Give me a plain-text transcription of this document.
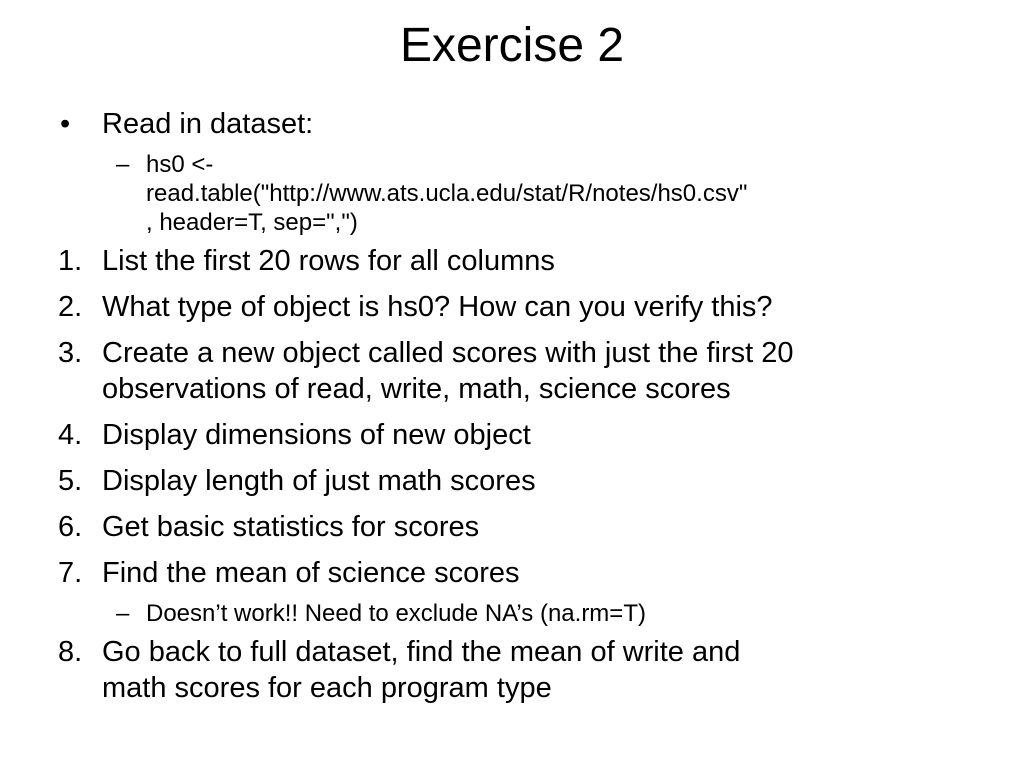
Exercise 2
• Read in dataset:
– hs0 <-
read.table("http://www.ats.ucla.edu/stat/R/notes/hs0.csv"
, header=T, sep=",")
1. List the first 20 rows for all columns
2. What type of object is hs0? How can you verify this?
3. Create a new object called scores with just the first 20
observations of read, write, math, science scores
4. Display dimensions of new object
5. Display length of just math scores
6. Get basic statistics for scores
7. Find the mean of science scores
– Doesn’t work!! Need to exclude NA’s (na.rm=T)
8. Go back to full dataset, find the mean of write and
math scores for each program type
